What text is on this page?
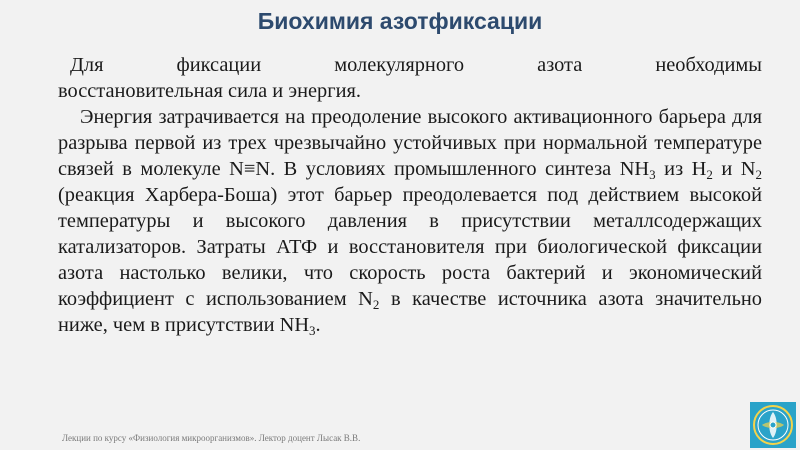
Биохимия азотфиксации

Для фиксации молекулярного азота необходимы

восстановительная сила и энергия.

Энергия затрачивается на преодоление высокого активационного барьера для разрыва первой из трех чрезвычайно устойчивых при нормальной температуре связей в молекуле N≡N. В условиях промышленного синтеза $NH_3$ из $H_2$ и $N_2$ (реакция Харбера-Боша) этот барьер преодолевается под действием высокой температуры и высокого давления в присутствии металлсодержащих катализаторов. Затраты АТФ и восстановителя при биологической фиксации азота настолько велики, что скорость роста бактерий и экономический коэффициент с использованием $N_2$ в качестве источника азота значительно ниже, чем в присутствии $NH_3$.

Лекции по курсу «Физиология микроорганизмов». Лектор доцент Лысак В.В.
